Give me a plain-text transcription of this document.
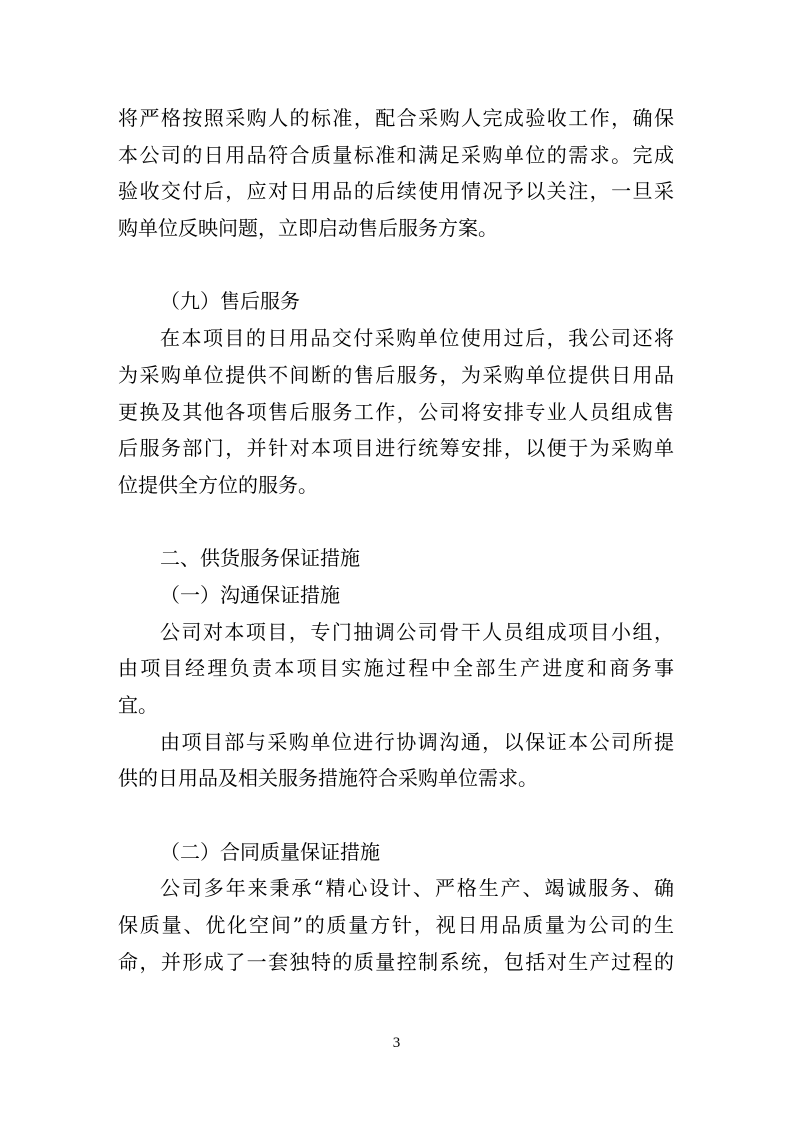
将严格按照采购人的标准，配合采购人完成验收工作，确保
本公司的日用品符合质量标准和满足采购单位的需求。完成
验收交付后，应对日用品的后续使用情况予以关注，一旦采
购单位反映问题，立即启动售后服务方案。
（九）售后服务
在本项目的日用品交付采购单位使用过后，我公司还将
为采购单位提供不间断的售后服务，为采购单位提供日用品
更换及其他各项售后服务工作，公司将安排专业人员组成售
后服务部门，并针对本项目进行统筹安排，以便于为采购单
位提供全方位的服务。
二、供货服务保证措施
（一）沟通保证措施
公司对本项目，专门抽调公司骨干人员组成项目小组，
由项目经理负责本项目实施过程中全部生产进度和商务事
宜。
由项目部与采购单位进行协调沟通，以保证本公司所提
供的日用品及相关服务措施符合采购单位需求。
（二）合同质量保证措施
公司多年来秉承“精心设计、严格生产、竭诚服务、确
保质量、优化空间”的质量方针，视日用品质量为公司的生
命，并形成了一套独特的质量控制系统，包括对生产过程的
3
